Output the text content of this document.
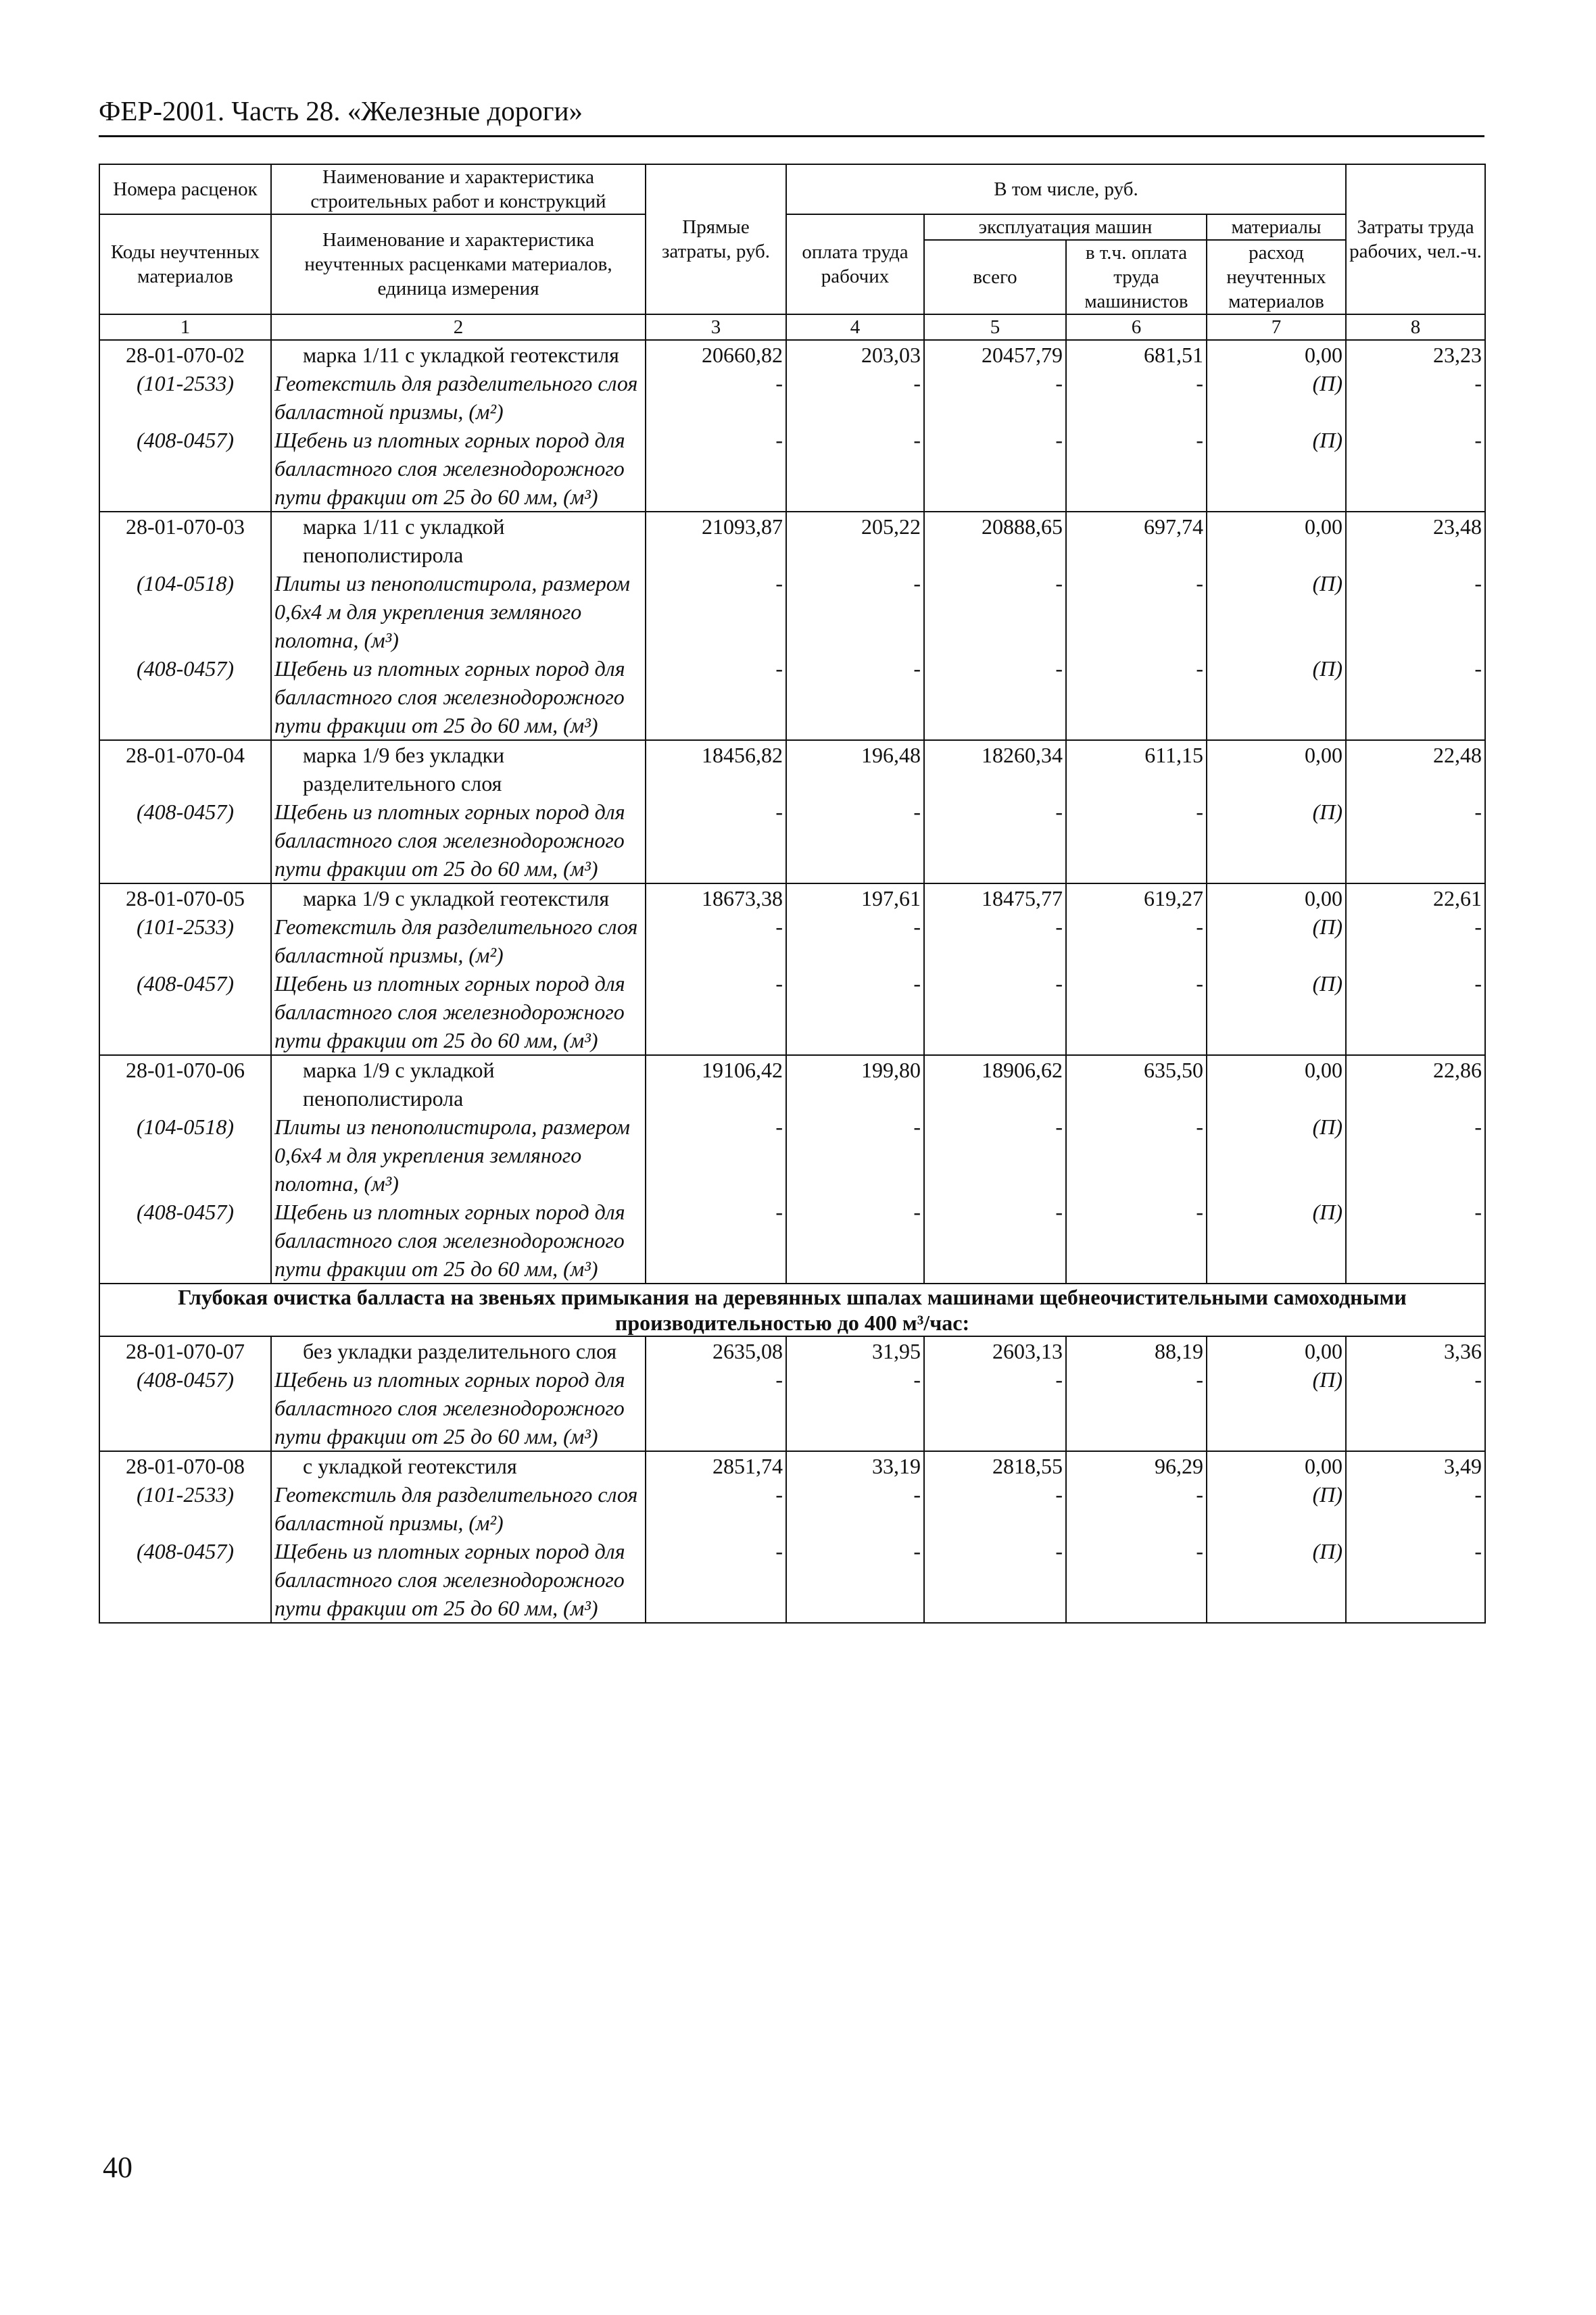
ФЕР-2001. Часть 28. «Железные дороги»
Номера расценок	Наименование и характеристика строительных работ и конструкций	Прямые затраты, руб.	В том числе, руб.				Затраты труда рабочих, чел.-ч.
Коды неучтенных материалов	Наименование и характеристика неучтенных расценками материалов, единица измерения		оплата труда рабочих	эксплуатация машин		материалы	
				всего	в т.ч. оплата труда машинистов	расход неучтенных материалов	

1	2	3	4	5	6	7	8
28-01-070-02	марка 1/11 с укладкой геотекстиля	20660,82	203,03	20457,79	681,51	0,00	23,23
(101-2533)	Геотекстиль для разделительного слоя балластной призмы, (м²)	-	-	-	-	(П)	-
(408-0457)	Щебень из плотных горных пород для балластного слоя железнодорожного пути фракции от 25 до 60 мм, (м³)	-	-	-	-	(П)	-
28-01-070-03	марка 1/11 с укладкой пенополистирола	21093,87	205,22	20888,65	697,74	0,00	23,48
(104-0518)	Плиты из пенополистирола, размером 0,6х4 м для укрепления земляного полотна, (м³)	-	-	-	-	(П)	-
(408-0457)	Щебень из плотных горных пород для балластного слоя железнодорожного пути фракции от 25 до 60 мм, (м³)	-	-	-	-	(П)	-
28-01-070-04	марка 1/9 без укладки разделительного слоя	18456,82	196,48	18260,34	611,15	0,00	22,48
(408-0457)	Щебень из плотных горных пород для балластного слоя железнодорожного пути фракции от 25 до 60 мм, (м³)	-	-	-	-	(П)	-
28-01-070-05	марка 1/9 с укладкой геотекстиля	18673,38	197,61	18475,77	619,27	0,00	22,61
(101-2533)	Геотекстиль для разделительного слоя балластной призмы, (м²)	-	-	-	-	(П)	-
(408-0457)	Щебень из плотных горных пород для балластного слоя железнодорожного пути фракции от 25 до 60 мм, (м³)	-	-	-	-	(П)	-
28-01-070-06	марка 1/9 с укладкой пенополистирола	19106,42	199,80	18906,62	635,50	0,00	22,86
(104-0518)	Плиты из пенополистирола, размером 0,6х4 м для укрепления земляного полотна, (м³)	-	-	-	-	(П)	-
(408-0457)	Щебень из плотных горных пород для балластного слоя железнодорожного пути фракции от 25 до 60 мм, (м³)	-	-	-	-	(П)	-
Глубокая очистка балласта на звеньях примыкания на деревянных шпалах машинами щебнеочистительными самоходными производительностью до 400 м³/час:							
28-01-070-07	без укладки разделительного слоя	2635,08	31,95	2603,13	88,19	0,00	3,36
(408-0457)	Щебень из плотных горных пород для балластного слоя железнодорожного пути фракции от 25 до 60 мм, (м³)	-	-	-	-	(П)	-
28-01-070-08	с укладкой геотекстиля	2851,74	33,19	2818,55	96,29	0,00	3,49
(101-2533)	Геотекстиль для разделительного слоя балластной призмы, (м²)	-	-	-	-	(П)	-
(408-0457)	Щебень из плотных горных пород для балластного слоя железнодорожного пути фракции от 25 до 60 мм, (м³)	-	-	-	-	(П)	-
40
